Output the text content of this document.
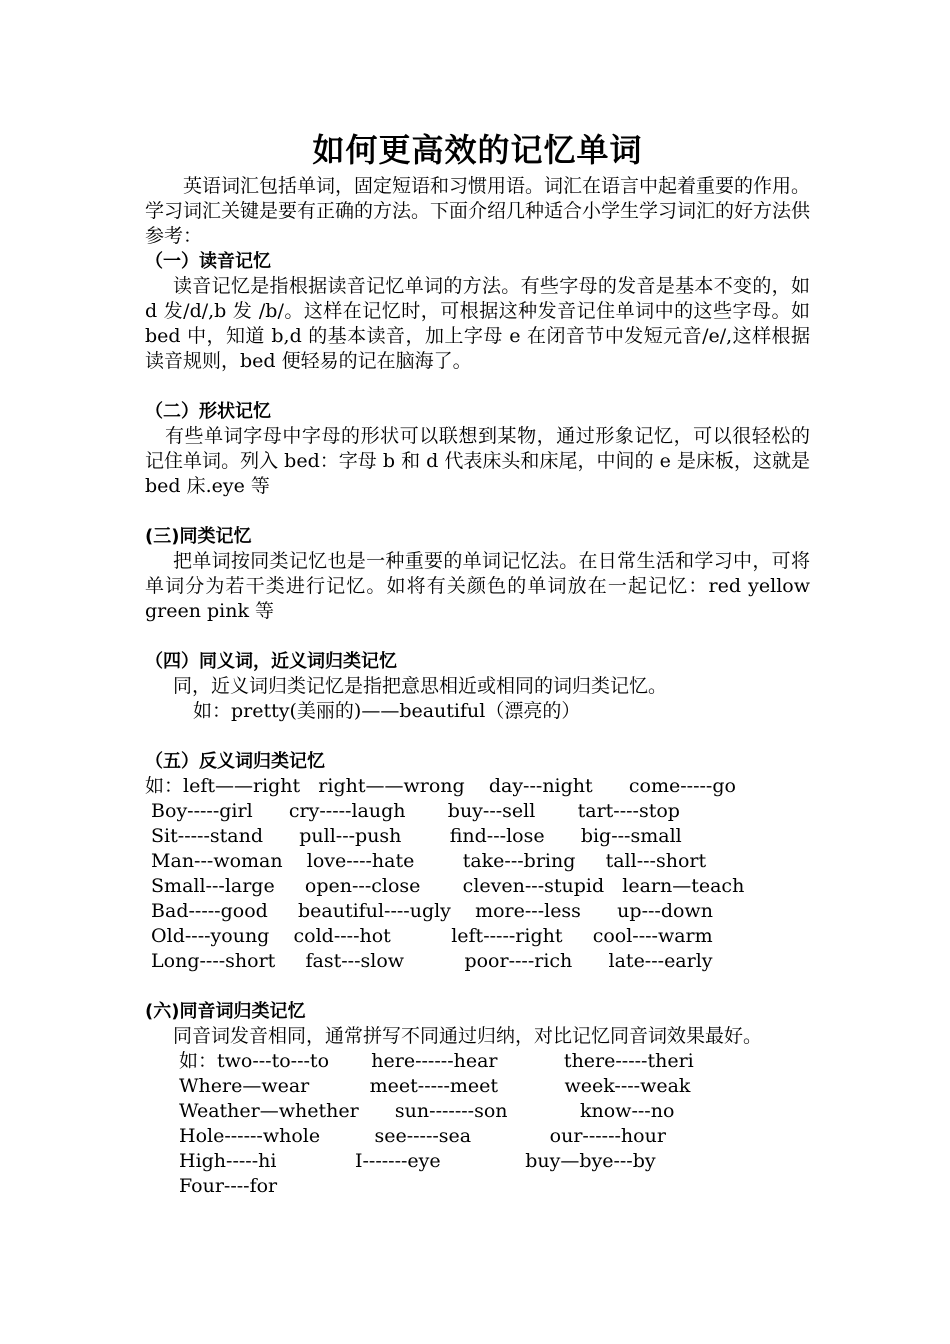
如何更高效的记忆单词

英语词汇包括单词，固定短语和习惯用语。词汇在语言中起着重要的作用。学习词汇关键是要有正确的方法。下面介绍几种适合小学生学习词汇的好方法供参考：

（一）读音记忆

读音记忆是指根据读音记忆单词的方法。有些字母的发音是基本不变的，如 d 发/d/,b 发 /b/。这样在记忆时，可根据这种发音记住单词中的这些字母。如 bed 中，知道 b,d 的基本读音，加上字母 e 在闭音节中发短元音/e/,这样根据读音规则，bed 便轻易的记在脑海了。

（二）形状记忆

有些单词字母中字母的形状可以联想到某物，通过形象记忆，可以很轻松的记住单词。列入 bed：字母 b 和 d 代表床头和床尾，中间的 e 是床板，这就是 bed 床.eye 等

(三)同类记忆

把单词按同类记忆也是一种重要的单词记忆法。在日常生活和学习中，可将单词分为若干类进行记忆。如将有关颜色的单词放在一起记忆：red yellow green pink 等

（四）同义词，近义词归类记忆

同，近义词归类记忆是指把意思相近或相同的词归类记忆。

如：pretty(美丽的)——beautiful（漂亮的）

（五）反义词归类记忆
如：left——right   right——wrong    day---night      come-----go
Boy-----girl      cry-----laugh       buy---sell       tart----stop
Sit-----stand      pull---push        find---lose      big---small
Man---woman    love----hate        take---bring     tall---short
Small---large     open---close       cleven---stupid   learn—teach
Bad-----good     beautiful----ugly    more---less      up---down
Old----young    cold----hot          left-----right     cool----warm
Long----short     fast---slow          poor----rich      late---early
(六)同音词归类记忆

同音词发音相同，通常拼写不同通过归纳，对比记忆同音词效果最好。

如：two---to---to       here------hear           there-----theri
Where—wear          meet-----meet           week----weak
Weather—whether      sun-------son            know---no
Hole------whole         see-----sea             our------hour
High-----hi             I-------eye              buy—bye---by
Four----for
